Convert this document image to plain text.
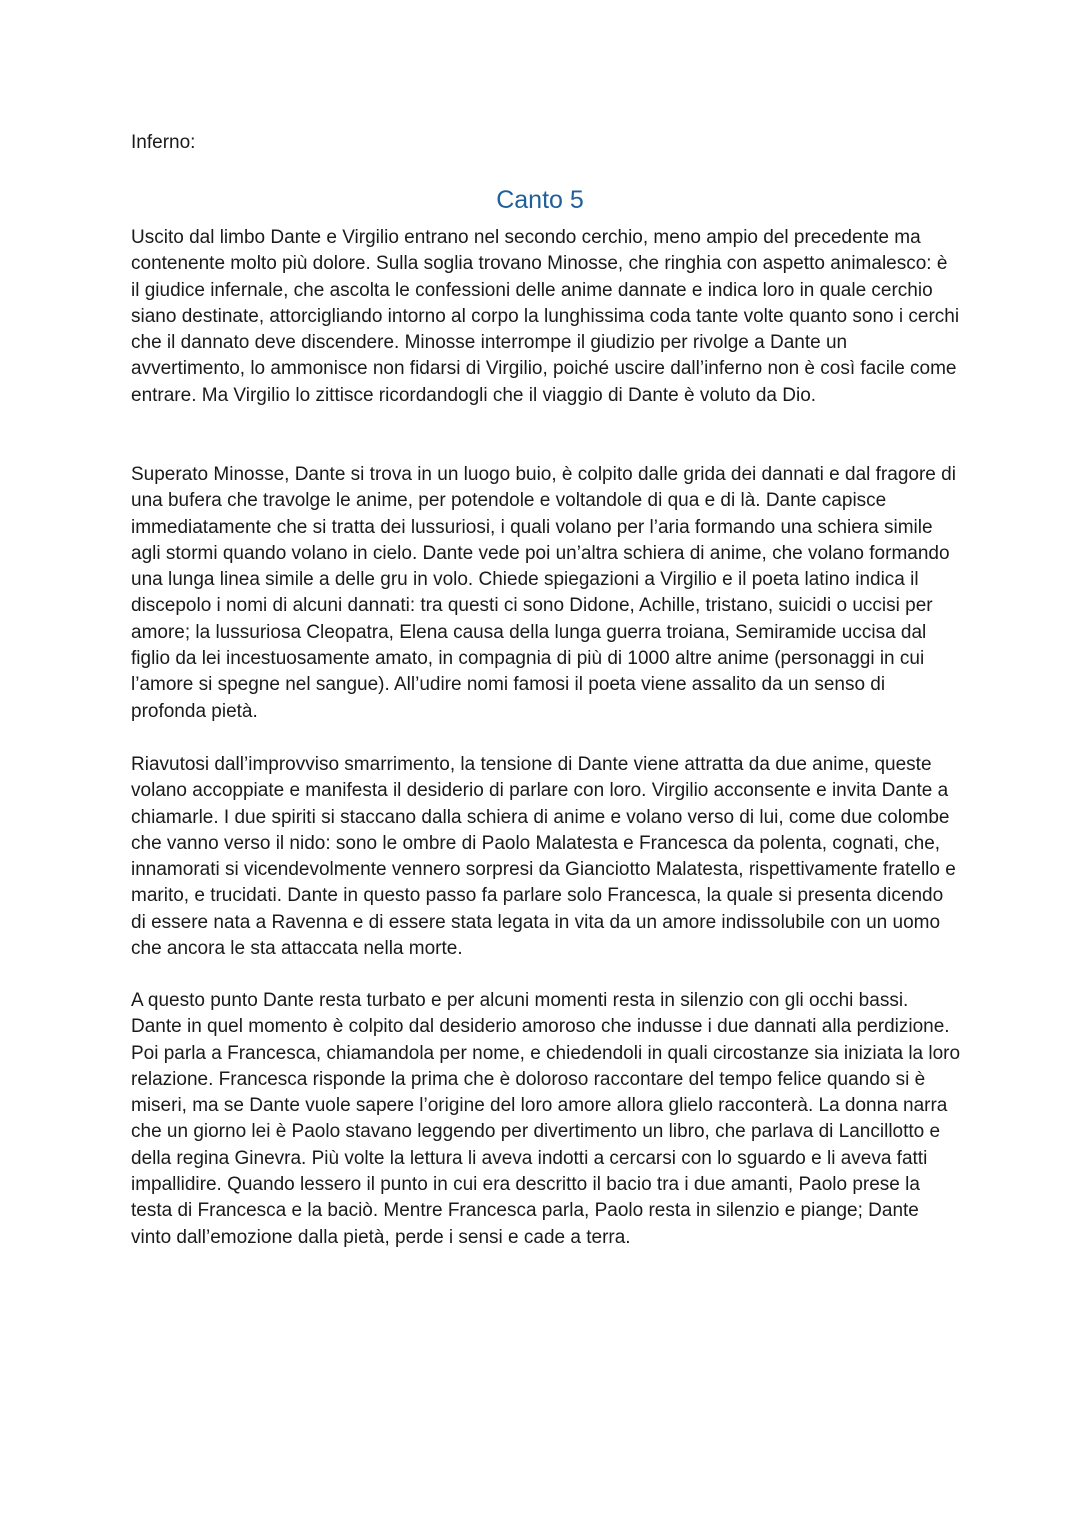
Inferno:

Canto 5

Uscito dal limbo Dante e Virgilio entrano nel secondo cerchio, meno ampio del precedente ma contenente molto più dolore. Sulla soglia trovano Minosse, che ringhia con aspetto animalesco: è il giudice infernale, che ascolta le confessioni delle anime dannate e indica loro in quale cerchio siano destinate, attorcigliando intorno al corpo la lunghissima coda tante volte quanto sono i cerchi che il dannato deve discendere. Minosse interrompe il giudizio per rivolge a Dante un avvertimento, lo ammonisce non fidarsi di Virgilio, poiché uscire dall’inferno non è così facile come entrare. Ma Virgilio lo zittisce ricordandogli che il viaggio di Dante è voluto da Dio.

Superato Minosse, Dante si trova in un luogo buio, è colpito dalle grida dei dannati e dal fragore di una bufera che travolge le anime, per potendole e voltandole di qua e di là. Dante capisce immediatamente che si tratta dei lussuriosi, i quali volano per l’aria formando una schiera simile agli stormi quando volano in cielo. Dante vede poi un’altra schiera di anime, che volano formando una lunga linea simile a delle gru in volo. Chiede spiegazioni a Virgilio e il poeta latino indica il discepolo i nomi di alcuni dannati: tra questi ci sono Didone, Achille, tristano, suicidi o uccisi per amore; la lussuriosa Cleopatra, Elena causa della lunga guerra troiana, Semiramide uccisa dal figlio da lei incestuosamente amato, in compagnia di più di 1000 altre anime (personaggi in cui l’amore si spegne nel sangue). All’udire nomi famosi il poeta viene assalito da un senso di profonda pietà.

Riavutosi dall’improvviso smarrimento, la tensione di Dante viene attratta da due anime, queste volano accoppiate e manifesta il desiderio di parlare con loro. Virgilio acconsente e invita Dante a chiamarle. I due spiriti si staccano dalla schiera di anime e volano verso di lui, come due colombe che vanno verso il nido: sono le ombre di Paolo Malatesta e Francesca da polenta, cognati, che, innamorati si vicendevolmente vennero sorpresi da Gianciotto Malatesta, rispettivamente fratello e marito, e trucidati. Dante in questo passo fa parlare solo Francesca, la quale si presenta dicendo di essere nata a Ravenna e di essere stata legata in vita da un amore indissolubile con un uomo che ancora le sta attaccata nella morte.

A questo punto Dante resta turbato e per alcuni momenti resta in silenzio con gli occhi bassi. Dante in quel momento è colpito dal desiderio amoroso che indusse i due dannati alla perdizione. Poi parla a Francesca, chiamandola per nome, e chiedendoli in quali circostanze sia iniziata la loro relazione. Francesca risponde la prima che è doloroso raccontare del tempo felice quando si è miseri, ma se Dante vuole sapere l’origine del loro amore allora glielo racconterà. La donna narra che un giorno lei è Paolo stavano leggendo per divertimento un libro, che parlava di Lancillotto e della regina Ginevra. Più volte la lettura li aveva indotti a cercarsi con lo sguardo e li aveva fatti impallidire. Quando lessero il punto in cui era descritto il bacio tra i due amanti, Paolo prese la testa di Francesca e la baciò. Mentre Francesca parla, Paolo resta in silenzio e piange; Dante vinto dall’emozione dalla pietà, perde i sensi e cade a terra.
